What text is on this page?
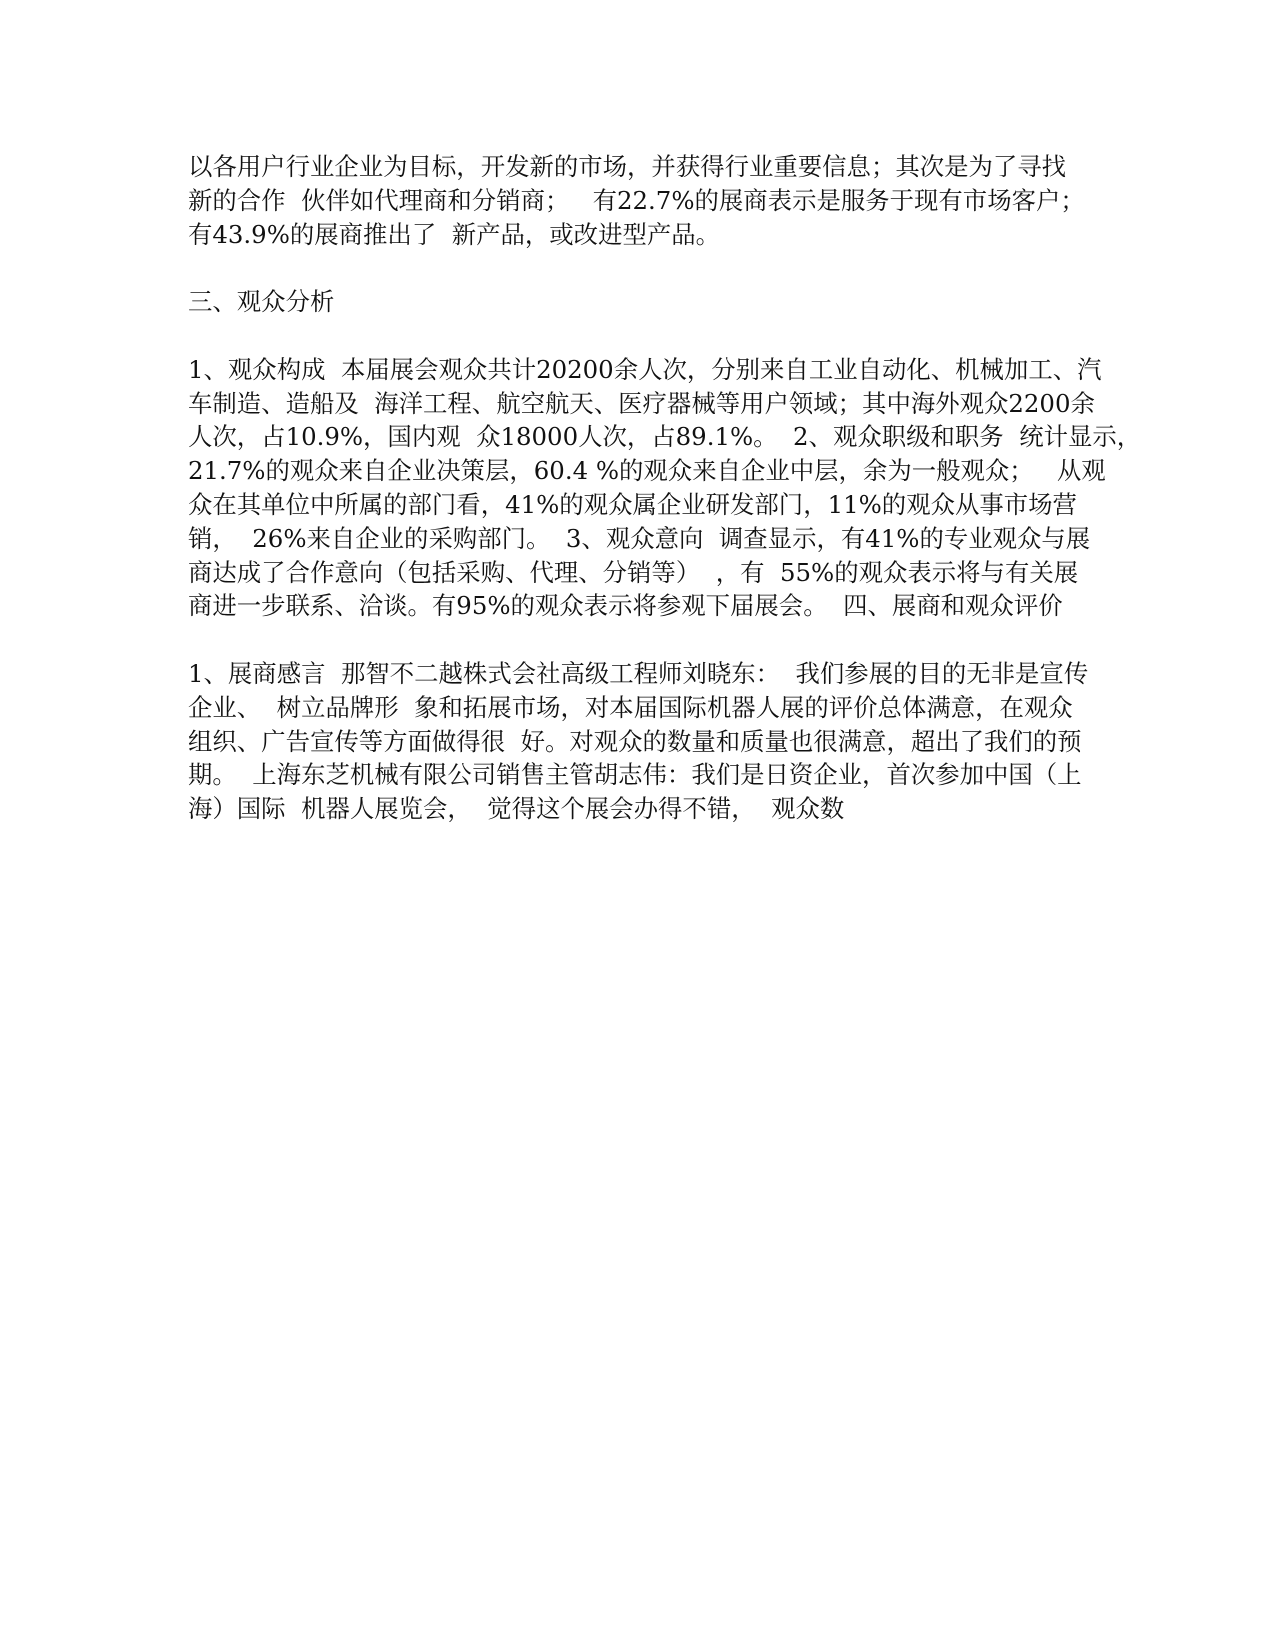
以各用户行业企业为目标，开发新的市场，并获得行业重要信息；其次是为了寻找
新的合作  伙伴如代理商和分销商；   有22.7%的展商表示是服务于现有市场客户；
有43.9%的展商推出了  新产品，或改进型产品。
三、观众分析
1、观众构成  本届展会观众共计20200余人次，分别来自工业自动化、机械加工、汽
车制造、造船及  海洋工程、航空航天、医疗器械等用户领域；其中海外观众2200余
人次，占10.9%，国内观  众18000人次，占89.1%。  2、观众职级和职务  统计显示，
21.7%的观众来自企业决策层，60.4 %的观众来自企业中层，余为一般观众；   从观
众在其单位中所属的部门看，41%的观众属企业研发部门，11%的观众从事市场营
销，  26%来自企业的采购部门。  3、观众意向  调查显示，有41%的专业观众与展
商达成了合作意向（包括采购、代理、分销等）  ，有  55%的观众表示将与有关展
商进一步联系、洽谈。有95%的观众表示将参观下届展会。  四、展商和观众评价
1、展商感言  那智不二越株式会社高级工程师刘晓东：  我们参展的目的无非是宣传
企业、  树立品牌形  象和拓展市场，对本届国际机器人展的评价总体满意，在观众
组织、广告宣传等方面做得很  好。对观众的数量和质量也很满意，超出了我们的预
期。  上海东芝机械有限公司销售主管胡志伟：我们是日资企业，首次参加中国（上
海）国际  机器人展览会，  觉得这个展会办得不错，  观众数
